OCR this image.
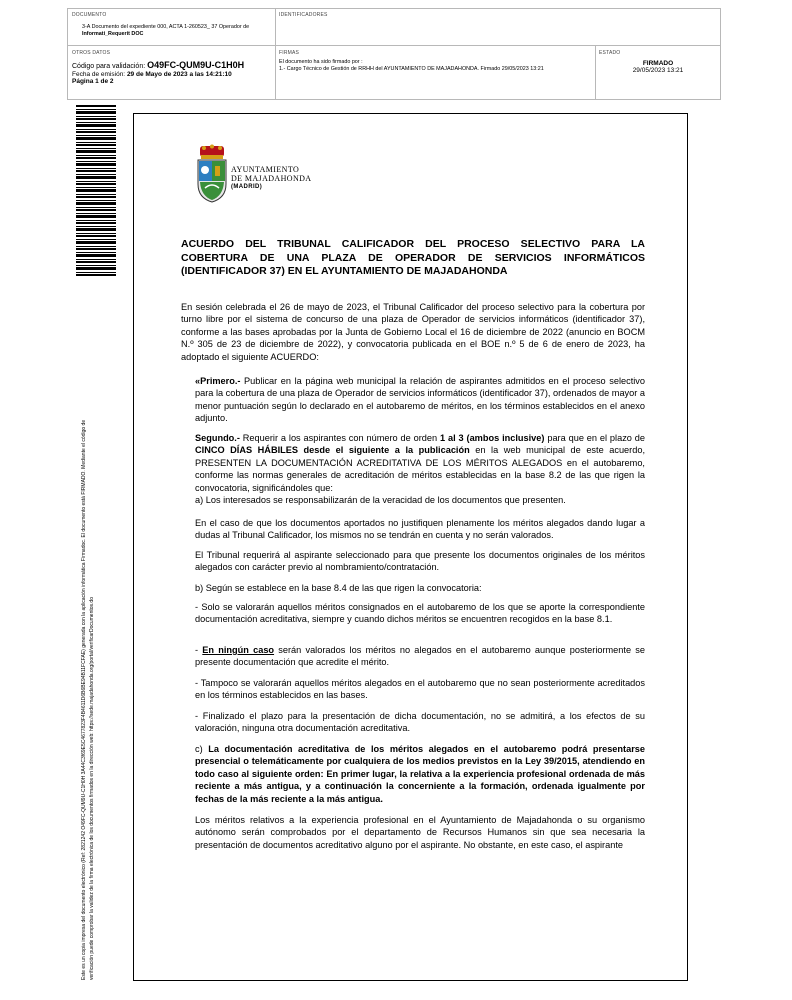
DOCUMENTO
3-A Documento del expediente 000, ACTA 1-260523_ 37 Operador de
Informati_Requerit DOC
IDENTIFICADORES
OTROS DATOS
Código para validación: O49FC-QUM9U-C1H0H
Fecha de emisión: 29 de Mayo de 2023 a las 14:21:10
Página 1 de 2
FIRMAS
El documento ha sido firmado por :
1.- Cargo Técnico de Gestión de RRHH del AYUNTAMIENTO DE MAJADAHONDA. Firmado 29/05/2023 13:21
ESTADO
FIRMADO
29/05/2023 13:21
Este es un copia impresa del documento electrónico (Ref: 2821242 O49FC-QUM9U-C1H0H 3A44C3f69E5C4677823F4B4611D6B6BE94B11FCFAE) generada con la aplicación informática Firmadoc. El documento está FIRMADO. Mediante el código de verificación puede comprobar la validez de la firma electrónica de los documentos firmados en la dirección web: https://sede.majadahonda.org/portal/verificarDocumentos.do
AYUNTAMIENTO
DE MAJADAHONDA
(MADRID)
ACUERDO DEL TRIBUNAL CALIFICADOR DEL PROCESO SELECTIVO PARA LA COBERTURA DE UNA PLAZA DE OPERADOR DE SERVICIOS INFORMÁTICOS (IDENTIFICADOR 37) EN EL AYUNTAMIENTO DE MAJADAHONDA
En sesión celebrada el 26 de mayo de 2023, el Tribunal Calificador del proceso selectivo para la cobertura por turno libre por el sistema de concurso de una plaza de Operador de servicios informáticos (identificador 37), conforme a las bases aprobadas por la Junta de Gobierno Local el 16 de diciembre de 2022 (anuncio en BOCM N.º 305 de 23 de diciembre de 2022), y convocatoria publicada en el BOE n.º 5 de 6 de enero de 2023, ha adoptado el siguiente ACUERDO:
«Primero.- Publicar en la página web municipal la relación de aspirantes admitidos en el proceso selectivo para la cobertura de una plaza de Operador de servicios informáticos (identificador 37), ordenados de mayor a menor puntuación según lo declarado en el autobaremo de méritos, en los términos establecidos en el anexo adjunto.
Segundo.- Requerir a los aspirantes con número de orden 1 al 3 (ambos inclusive) para que en el plazo de CINCO DÍAS HÁBILES desde el siguiente a la publicación en la web municipal de este acuerdo, PRESENTEN LA DOCUMENTACIÓN ACREDITATIVA DE LOS MÉRITOS ALEGADOS en el autobaremo, conforme las normas generales de acreditación de méritos establecidas en la base 8.2 de las que rigen la convocatoria, significándoles que:
a) Los interesados se responsabilizarán de la veracidad de los documentos que presenten.
En el caso de que los documentos aportados no justifiquen plenamente los méritos alegados dando lugar a dudas al Tribunal Calificador, los mismos no se tendrán en cuenta y no serán valorados.
El Tribunal requerirá al aspirante seleccionado para que presente los documentos originales de los méritos alegados con carácter previo al nombramiento/contratación.
b) Según se establece en la base 8.4 de las que rigen la convocatoria:
- Solo se valorarán aquellos méritos consignados en el autobaremo de los que se aporte la correspondiente documentación acreditativa, siempre y cuando dichos méritos se encuentren recogidos en la base 8.1.
- En ningún caso serán valorados los méritos no alegados en el autobaremo aunque posteriormente se presente documentación que acredite el mérito.
- Tampoco se valorarán aquellos méritos alegados en el autobaremo que no sean posteriormente acreditados en los términos establecidos en las bases.
- Finalizado el plazo para la presentación de dicha documentación, no se admitirá, a los efectos de su valoración, ninguna otra documentación acreditativa.
c) La documentación acreditativa de los méritos alegados en el autobaremo podrá presentarse presencial o telemáticamente por cualquiera de los medios previstos en la Ley 39/2015, atendiendo en todo caso al siguiente orden: En primer lugar, la relativa a la experiencia profesional ordenada de más reciente a más antigua, y a continuación la concerniente a la formación, ordenada igualmente por fechas de la más reciente a la más antigua.
Los méritos relativos a la experiencia profesional en el Ayuntamiento de Majadahonda o su organismo autónomo serán comprobados por el departamento de Recursos Humanos sin que sea necesaria la presentación de documentos acreditativo alguno por el aspirante. No obstante, en este caso, el aspirante
